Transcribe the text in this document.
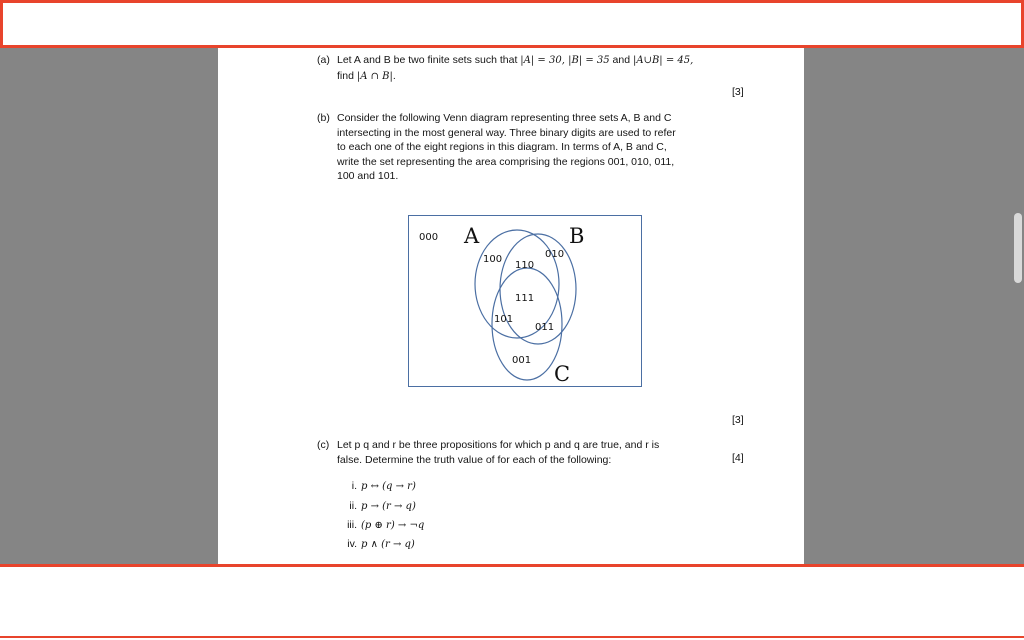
(a) Let A and B be two finite sets such that |A| = 30, |B| = 35 and |A∪B| = 45,
find |A ∩ B|.
[3]
(b) Consider the following Venn diagram representing three sets A, B and C
intersecting in the most general way. Three binary digits are used to refer
to each one of the eight regions in this diagram. In terms of A, B and C,
write the set representing the area comprising the regions 001, 010, 011,
100 and 101.
A	B
C
000
100
110
010
111
101
011
001
[3]
(c) Let p q and r be three propositions for which p and q are true, and r is
false. Determine the truth value of for each of the following:	[4]
i. p ↔ (q → r)
ii. p → (r → q)
iii. (p ⊕ r) → ¬q
iv. p ∧ (r → q)
